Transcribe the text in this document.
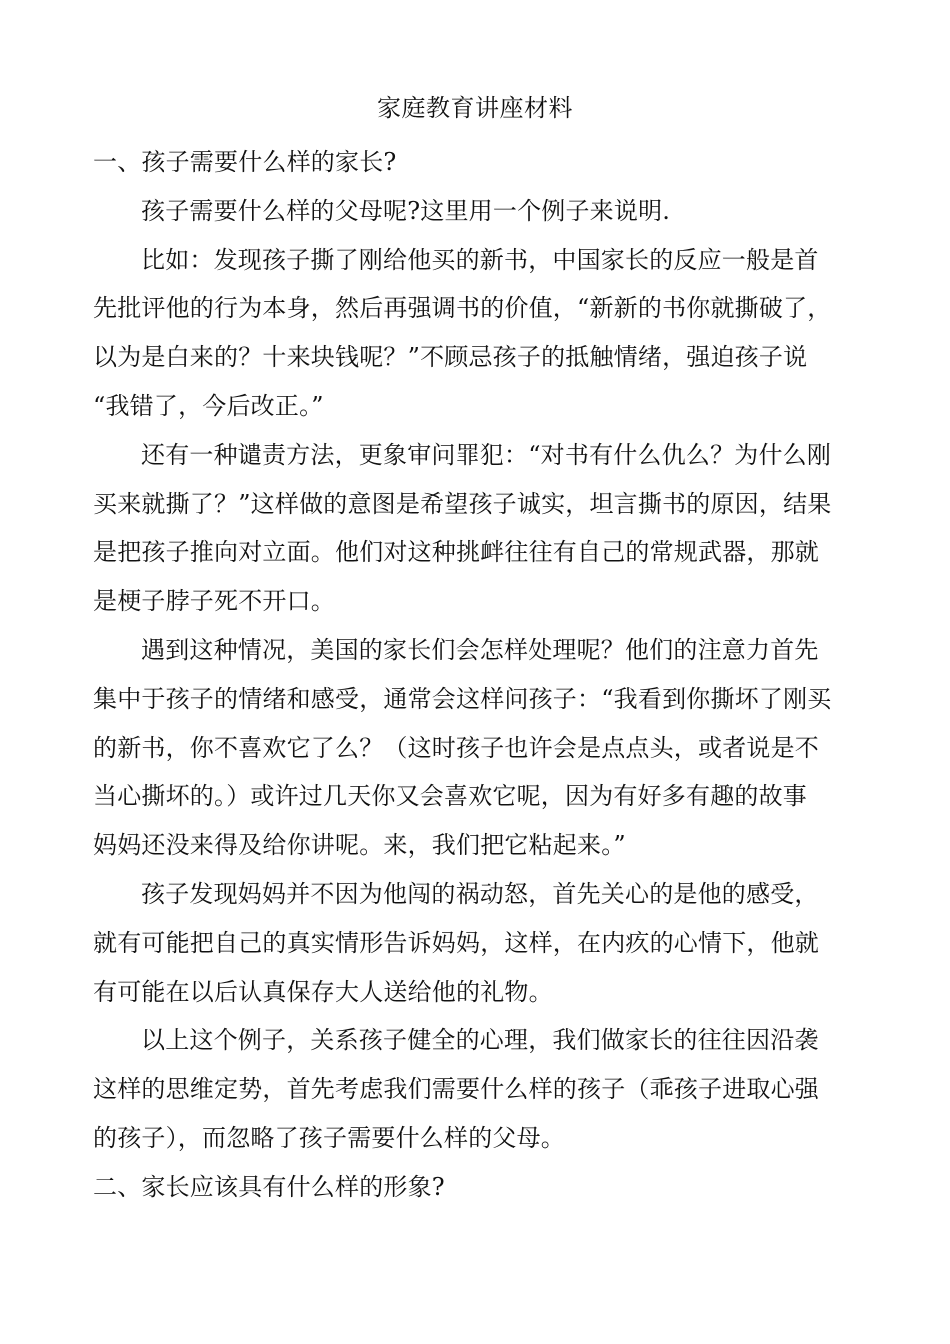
家庭教育讲座材料
一、孩子需要什么样的家长?
孩子需要什么样的父母呢?这里用一个例子来说明.
比如：发现孩子撕了刚给他买的新书，中国家长的反应一般是首
先批评他的行为本身，然后再强调书的价值，“新新的书你就撕破了，
以为是白来的？十来块钱呢？”不顾忌孩子的抵触情绪，强迫孩子说
“我错了，今后改正。”
还有一种谴责方法，更象审问罪犯：“对书有什么仇么？为什么刚
买来就撕了？”这样做的意图是希望孩子诚实，坦言撕书的原因，结果
是把孩子推向对立面。他们对这种挑衅往往有自己的常规武器，那就
是梗子脖子死不开口。
遇到这种情况，美国的家长们会怎样处理呢？他们的注意力首先
集中于孩子的情绪和感受，通常会这样问孩子：“我看到你撕坏了刚买
的新书，你不喜欢它了么？（这时孩子也许会是点点头，或者说是不
当心撕坏的。）或许过几天你又会喜欢它呢，因为有好多有趣的故事
妈妈还没来得及给你讲呢。来，我们把它粘起来。”
孩子发现妈妈并不因为他闯的祸动怒，首先关心的是他的感受，
就有可能把自己的真实情形告诉妈妈，这样，在内疚的心情下，他就
有可能在以后认真保存大人送给他的礼物。
以上这个例子，关系孩子健全的心理，我们做家长的往往因沿袭
这样的思维定势，首先考虑我们需要什么样的孩子（乖孩子进取心强
的孩子），而忽略了孩子需要什么样的父母。
二、家长应该具有什么样的形象?
